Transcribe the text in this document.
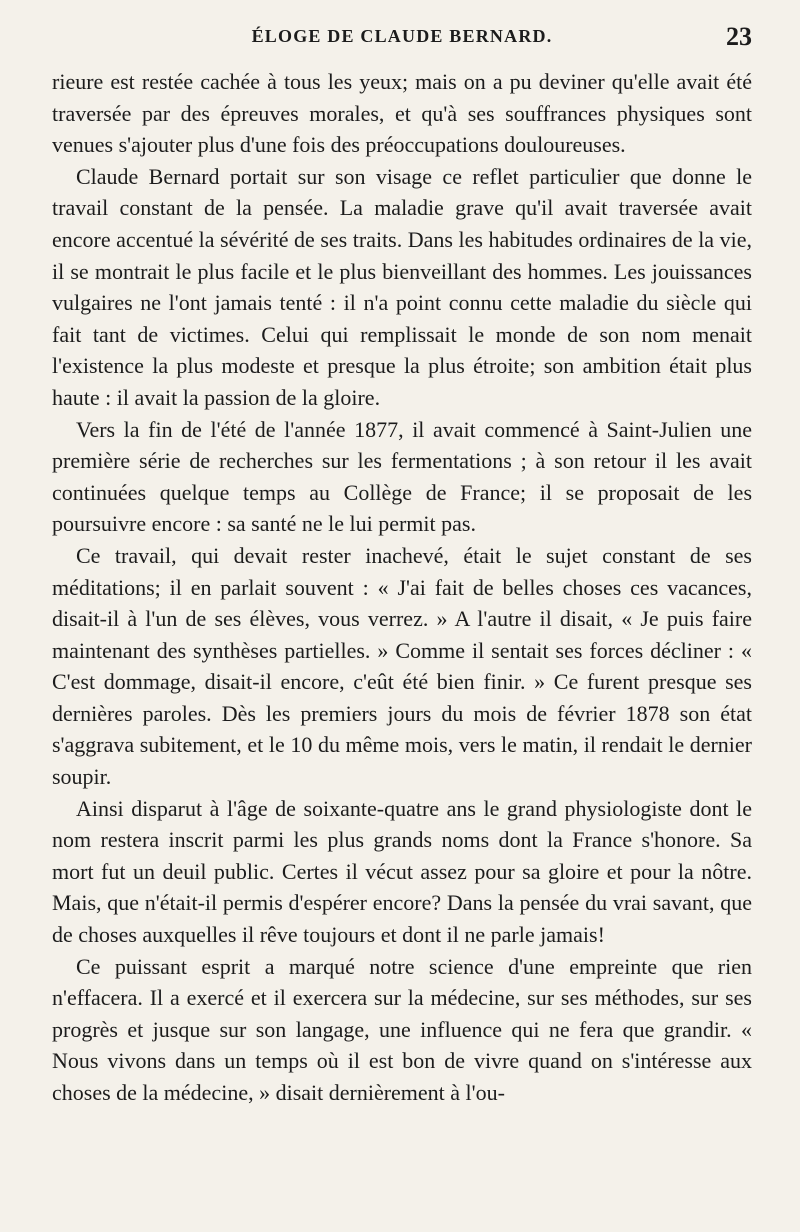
ÉLOGE DE CLAUDE BERNARD.	23

rieure est restée cachée à tous les yeux; mais on a pu deviner qu'elle avait été traversée par des épreuves morales, et qu'à ses souffrances physiques sont venues s'ajouter plus d'une fois des préoccupations douloureuses.

Claude Bernard portait sur son visage ce reflet particulier que donne le travail constant de la pensée. La maladie grave qu'il avait traversée avait encore accentué la sévérité de ses traits. Dans les habitudes ordinaires de la vie, il se montrait le plus facile et le plus bienveillant des hommes. Les jouissances vulgaires ne l'ont jamais tenté : il n'a point connu cette maladie du siècle qui fait tant de victimes. Celui qui remplissait le monde de son nom menait l'existence la plus modeste et presque la plus étroite; son ambition était plus haute : il avait la passion de la gloire.

Vers la fin de l'été de l'année 1877, il avait commencé à Saint-Julien une première série de recherches sur les fermentations ; à son retour il les avait continuées quelque temps au Collège de France; il se proposait de les poursuivre encore : sa santé ne le lui permit pas.

Ce travail, qui devait rester inachevé, était le sujet constant de ses méditations; il en parlait souvent : « J'ai fait de belles choses ces vacances, disait-il à l'un de ses élèves, vous verrez. » A l'autre il disait, « Je puis faire maintenant des synthèses partielles. » Comme il sentait ses forces décliner : « C'est dommage, disait-il encore, c'eût été bien finir. » Ce furent presque ses dernières paroles. Dès les premiers jours du mois de février 1878 son état s'aggrava subitement, et le 10 du même mois, vers le matin, il rendait le dernier soupir.

Ainsi disparut à l'âge de soixante-quatre ans le grand physiologiste dont le nom restera inscrit parmi les plus grands noms dont la France s'honore. Sa mort fut un deuil public. Certes il vécut assez pour sa gloire et pour la nôtre. Mais, que n'était-il permis d'espérer encore? Dans la pensée du vrai savant, que de choses auxquelles il rêve toujours et dont il ne parle jamais!

Ce puissant esprit a marqué notre science d'une empreinte que rien n'effacera. Il a exercé et il exercera sur la médecine, sur ses méthodes, sur ses progrès et jusque sur son langage, une influence qui ne fera que grandir. « Nous vivons dans un temps où il est bon de vivre quand on s'intéresse aux choses de la médecine, » disait dernièrement à l'ou-
